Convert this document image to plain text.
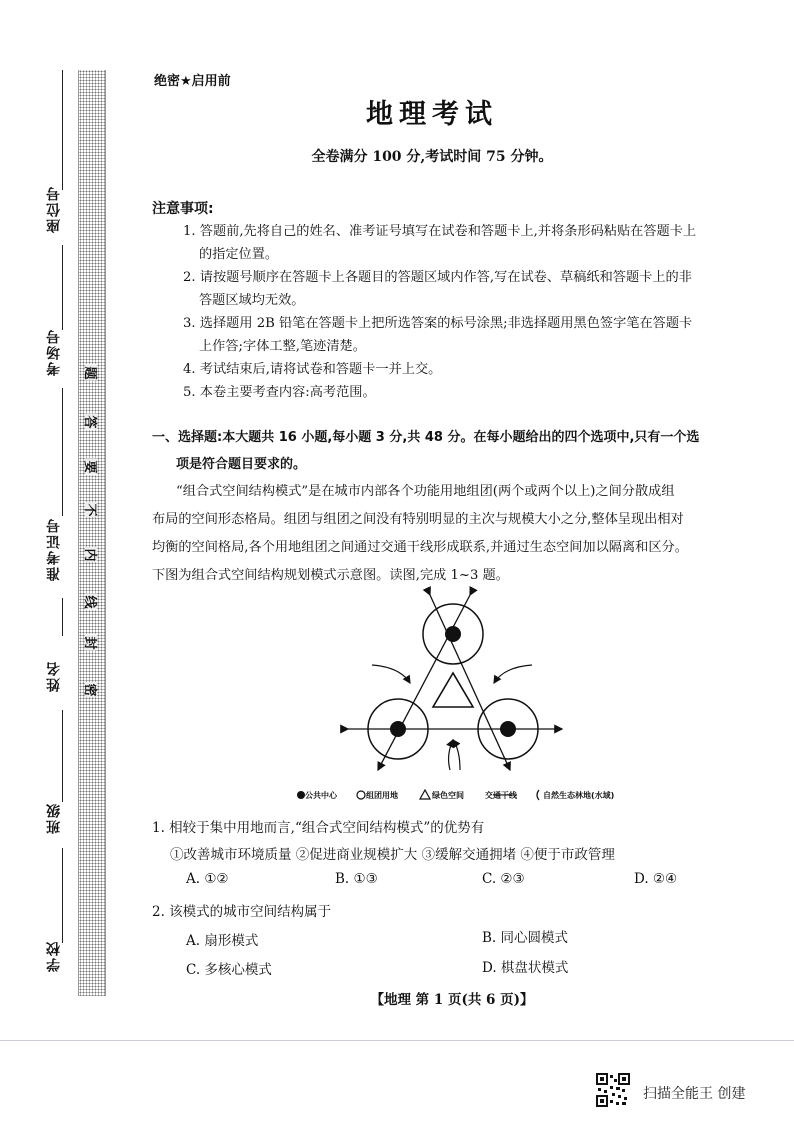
座位号
考场号
准考证号
姓名
班级
学校
题
答
要
不
内
线
封
密
绝密★启用前
地理考试
全卷满分 100 分,考试时间 75 分钟。
注意事项:
1. 答题前,先将自己的姓名、准考证号填写在试卷和答题卡上,并将条形码粘贴在答题卡上
的指定位置。
2. 请按题号顺序在答题卡上各题目的答题区域内作答,写在试卷、草稿纸和答题卡上的非
答题区域均无效。
3. 选择题用 2B 铅笔在答题卡上把所选答案的标号涂黑;非选择题用黑色签字笔在答题卡
上作答;字体工整,笔迹清楚。
4. 考试结束后,请将试卷和答题卡一并上交。
5. 本卷主要考查内容:高考范围。
一、选择题:本大题共 16 小题,每小题 3 分,共 48 分。在每小题给出的四个选项中,只有一个选
项是符合题目要求的。
“组合式空间结构模式”是在城市内部各个功能用地组团(两个或两个以上)之间分散成组
布局的空间形态格局。组团与组团之间没有特别明显的主次与规模大小之分,整体呈现出相对
均衡的空间格局,各个用地组团之间通过交通干线形成联系,并通过生态空间加以隔离和区分。
下图为组合式空间结构规划模式示意图。读图,完成 1~3 题。
公共中心	组团用地	绿色空间	交通干线	自然生态林地(水域)
1. 相较于集中用地而言,“组合式空间结构模式”的优势有
①改善城市环境质量 ②促进商业规模扩大 ③缓解交通拥堵 ④便于市政管理
A. ①②	B. ①③	C. ②③	D. ②④
2. 该模式的城市空间结构属于
A. 扇形模式	B. 同心圆模式
C. 多核心模式	D. 棋盘状模式
【地理 第 1 页(共 6 页)】
扫描全能王 创建
